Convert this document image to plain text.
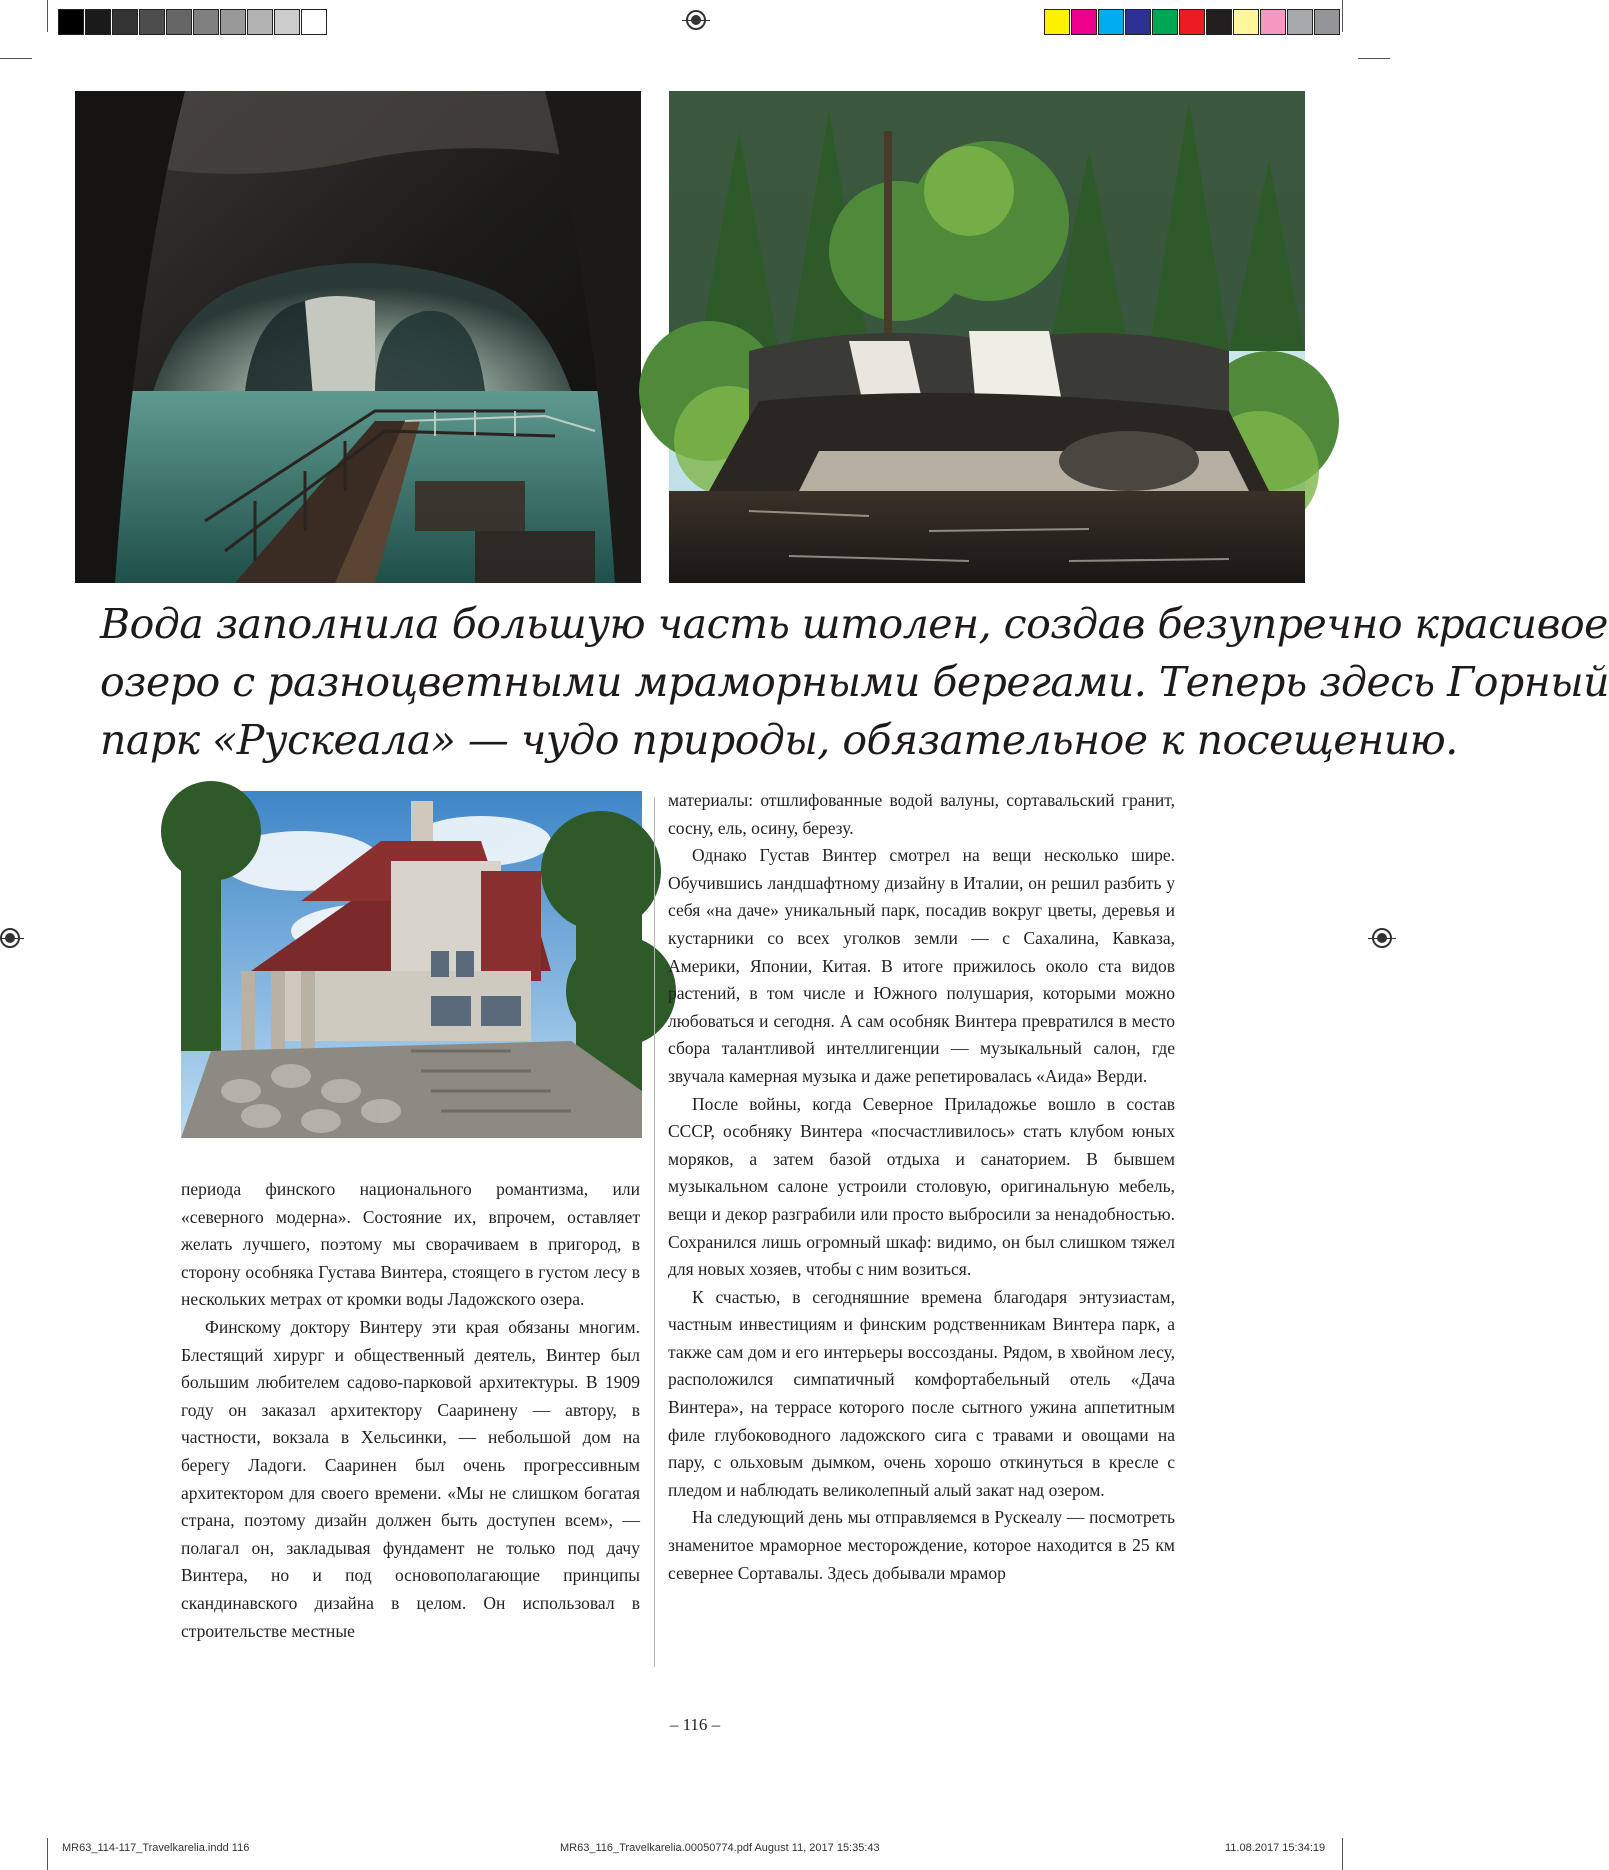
Вода заполнила большую часть штолен, создав безупречно красивое
озеро с разноцветными мраморными берегами. Теперь здесь Горный
парк «Рускеала» — чудо природы, обязательное к посещению.

периода финского национального романтизма, или «северного модерна». Состояние их, впрочем, оставляет желать лучшего, поэтому мы сворачиваем в пригород, в сторону особняка Густава Винтера, стоящего в густом лесу в нескольких метрах от кромки воды Ладожского озера.

Финскому доктору Винтеру эти края обязаны многим. Блестящий хирург и общественный деятель, Винтер был большим любителем садово-парковой архитектуры. В 1909 году он заказал архитектору Сааринену — автору, в частности, вокзала в Хельсинки, — небольшой дом на берегу Ладоги. Сааринен был очень прогрессивным архитектором для своего времени. «Мы не слишком богатая страна, поэтому дизайн должен быть доступен всем», — полагал он, закладывая фундамент не только под дачу Винтера, но и под основополагающие принципы скандинавского дизайна в целом. Он использовал в строительстве местные

материалы: отшлифованные водой валуны, сортавальский гранит, сосну, ель, осину, березу.

Однако Густав Винтер смотрел на вещи несколько шире. Обучившись ландшафтному дизайну в Италии, он решил разбить у себя «на даче» уникальный парк, посадив вокруг цветы, деревья и кустарники со всех уголков земли — с Сахалина, Кавказа, Америки, Японии, Китая. В итоге прижилось около ста видов растений, в том числе и Южного полушария, которыми можно любоваться и сегодня. А сам особняк Винтера превратился в место сбора талантливой интеллигенции — музыкальный салон, где звучала камерная музыка и даже репетировалась «Аида» Верди.

После войны, когда Северное Приладожье вошло в состав СССР, особняку Винтера «посчастливилось» стать клубом юных моряков, а затем базой отдыха и санаторием. В бывшем музыкальном салоне устроили столовую, оригинальную мебель, вещи и декор разграбили или просто выбросили за ненадобностью. Сохранился лишь огромный шкаф: видимо, он был слишком тяжел для новых хозяев, чтобы с ним возиться.

К счастью, в сегодняшние времена благодаря энтузиастам, частным инвестициям и финским родственникам Винтера парк, а также сам дом и его интерьеры воссозданы. Рядом, в хвойном лесу, расположился симпатичный комфортабельный отель «Дача Винтера», на террасе которого после сытного ужина аппетитным филе глубоководного ладожского сига с травами и овощами на пару, с ольховым дымком, очень хорошо откинуться в кресле с пледом и наблюдать великолепный алый закат над озером.

На следующий день мы отправляемся в Рускеалу — посмотреть знаменитое мраморное месторождение, которое находится в 25 км севернее Сортавалы. Здесь добывали мрамор

– 116 –
MR63_114-117_Travelkarelia.indd 116	MR63_116_Travelkarelia.00050774.pdf August 11, 2017 15:35:43	11.08.2017 15:34:19
